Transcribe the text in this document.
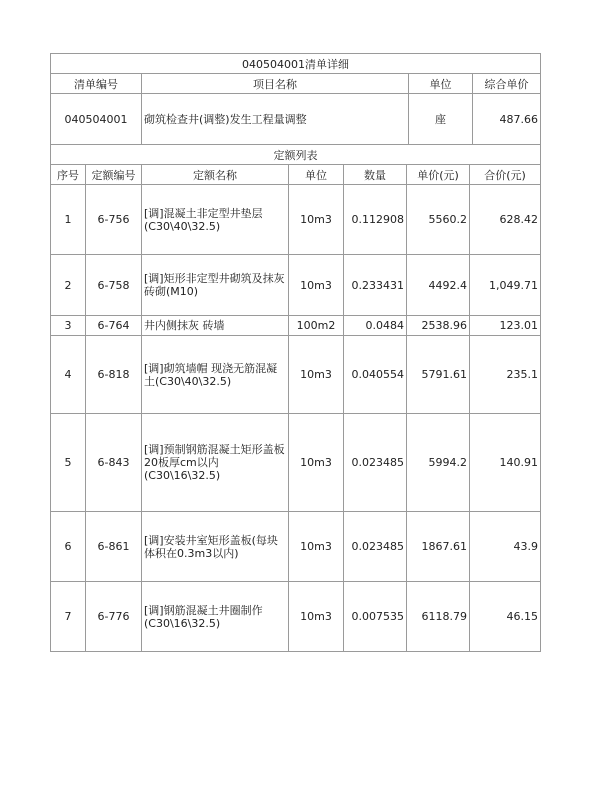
040504001清单详细			
清单编号	项目名称	单位	综合单价
040504001	砌筑检查井(调整)发生工程量调整	座	487.66
定额列表						
序号	定额编号	定额名称	单位	数量	单价(元)	合价(元)
1	6-756	[调]混凝土非定型井垫层(C30\40\32.5)	10m3	0.112908	5560.2	628.42
2	6-758	[调]矩形非定型井砌筑及抹灰 砖砌(M10)	10m3	0.233431	4492.4	1,049.71
3	6-764	井内侧抹灰 砖墙	100m2	0.0484	2538.96	123.01
4	6-818	[调]砌筑墙帽 现浇无筋混凝土(C30\40\32.5)	10m3	0.040554	5791.61	235.1
5	6-843	[调]预制钢筋混凝土矩形盖板20板厚cm以内(C30\16\32.5)	10m3	0.023485	5994.2	140.91
6	6-861	[调]安装井室矩形盖板(每块体积在0.3m3以内)	10m3	0.023485	1867.61	43.9
7	6-776	[调]钢筋混凝土井圈制作(C30\16\32.5)	10m3	0.007535	6118.79	46.15
